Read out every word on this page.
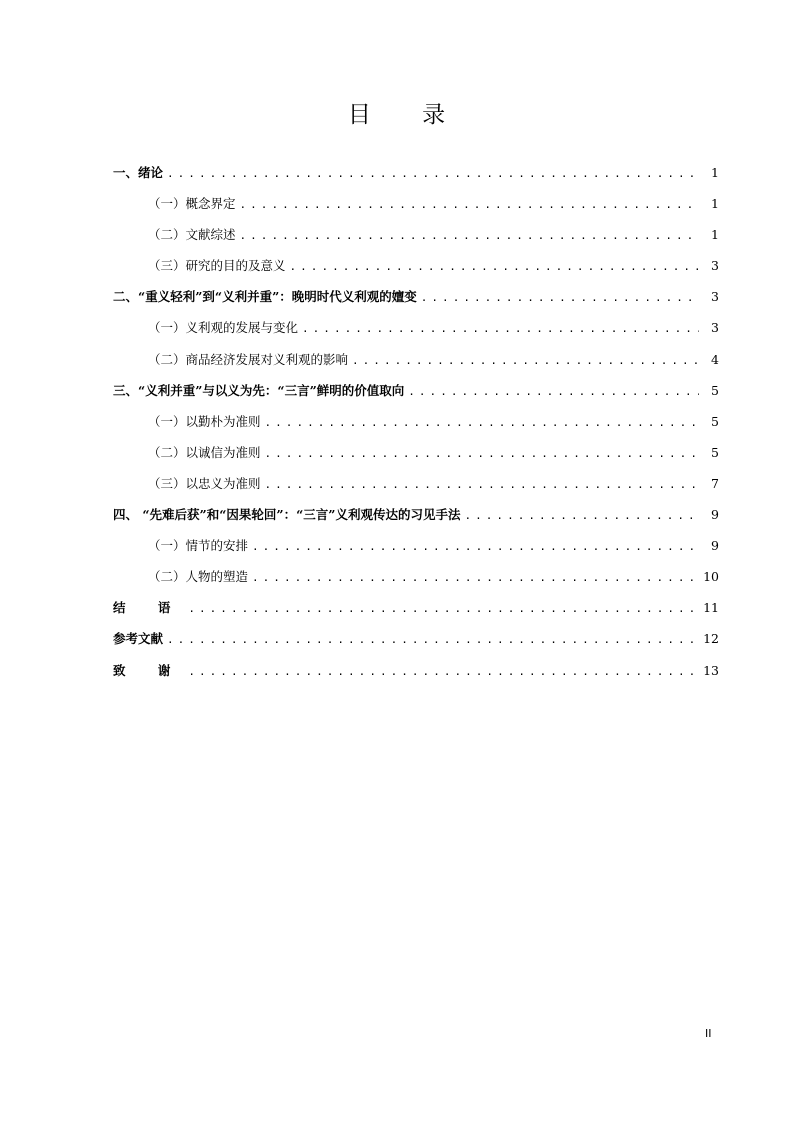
目 录
一、绪论 . . .	1
（一）概念界定 . . .	1
（二）文献综述 . . .	1
（三）研究的目的及意义 . . .	3
二、“重义轻利”到“义利并重”：晚明时代义利观的嬗变 . . .	3
（一）义利观的发展与变化 . . .	3
（二）商品经济发展对义利观的影响 . . .	4
三、“义利并重”与以义为先：“三言”鲜明的价值取向 . . .	5
（一）以勤朴为准则 . . .	5
（二）以诚信为准则 . . .	5
（三）以忠义为准则 . . .	7
四、 “先难后获”和“因果轮回”：“三言”义利观传达的习见手法 . . .	9
（一）情节的安排 . . .	9
（二）人物的塑造 . . .	10
结 语 . . .	11
参考文献 . . .	12
致 谢 . . .	13
II
